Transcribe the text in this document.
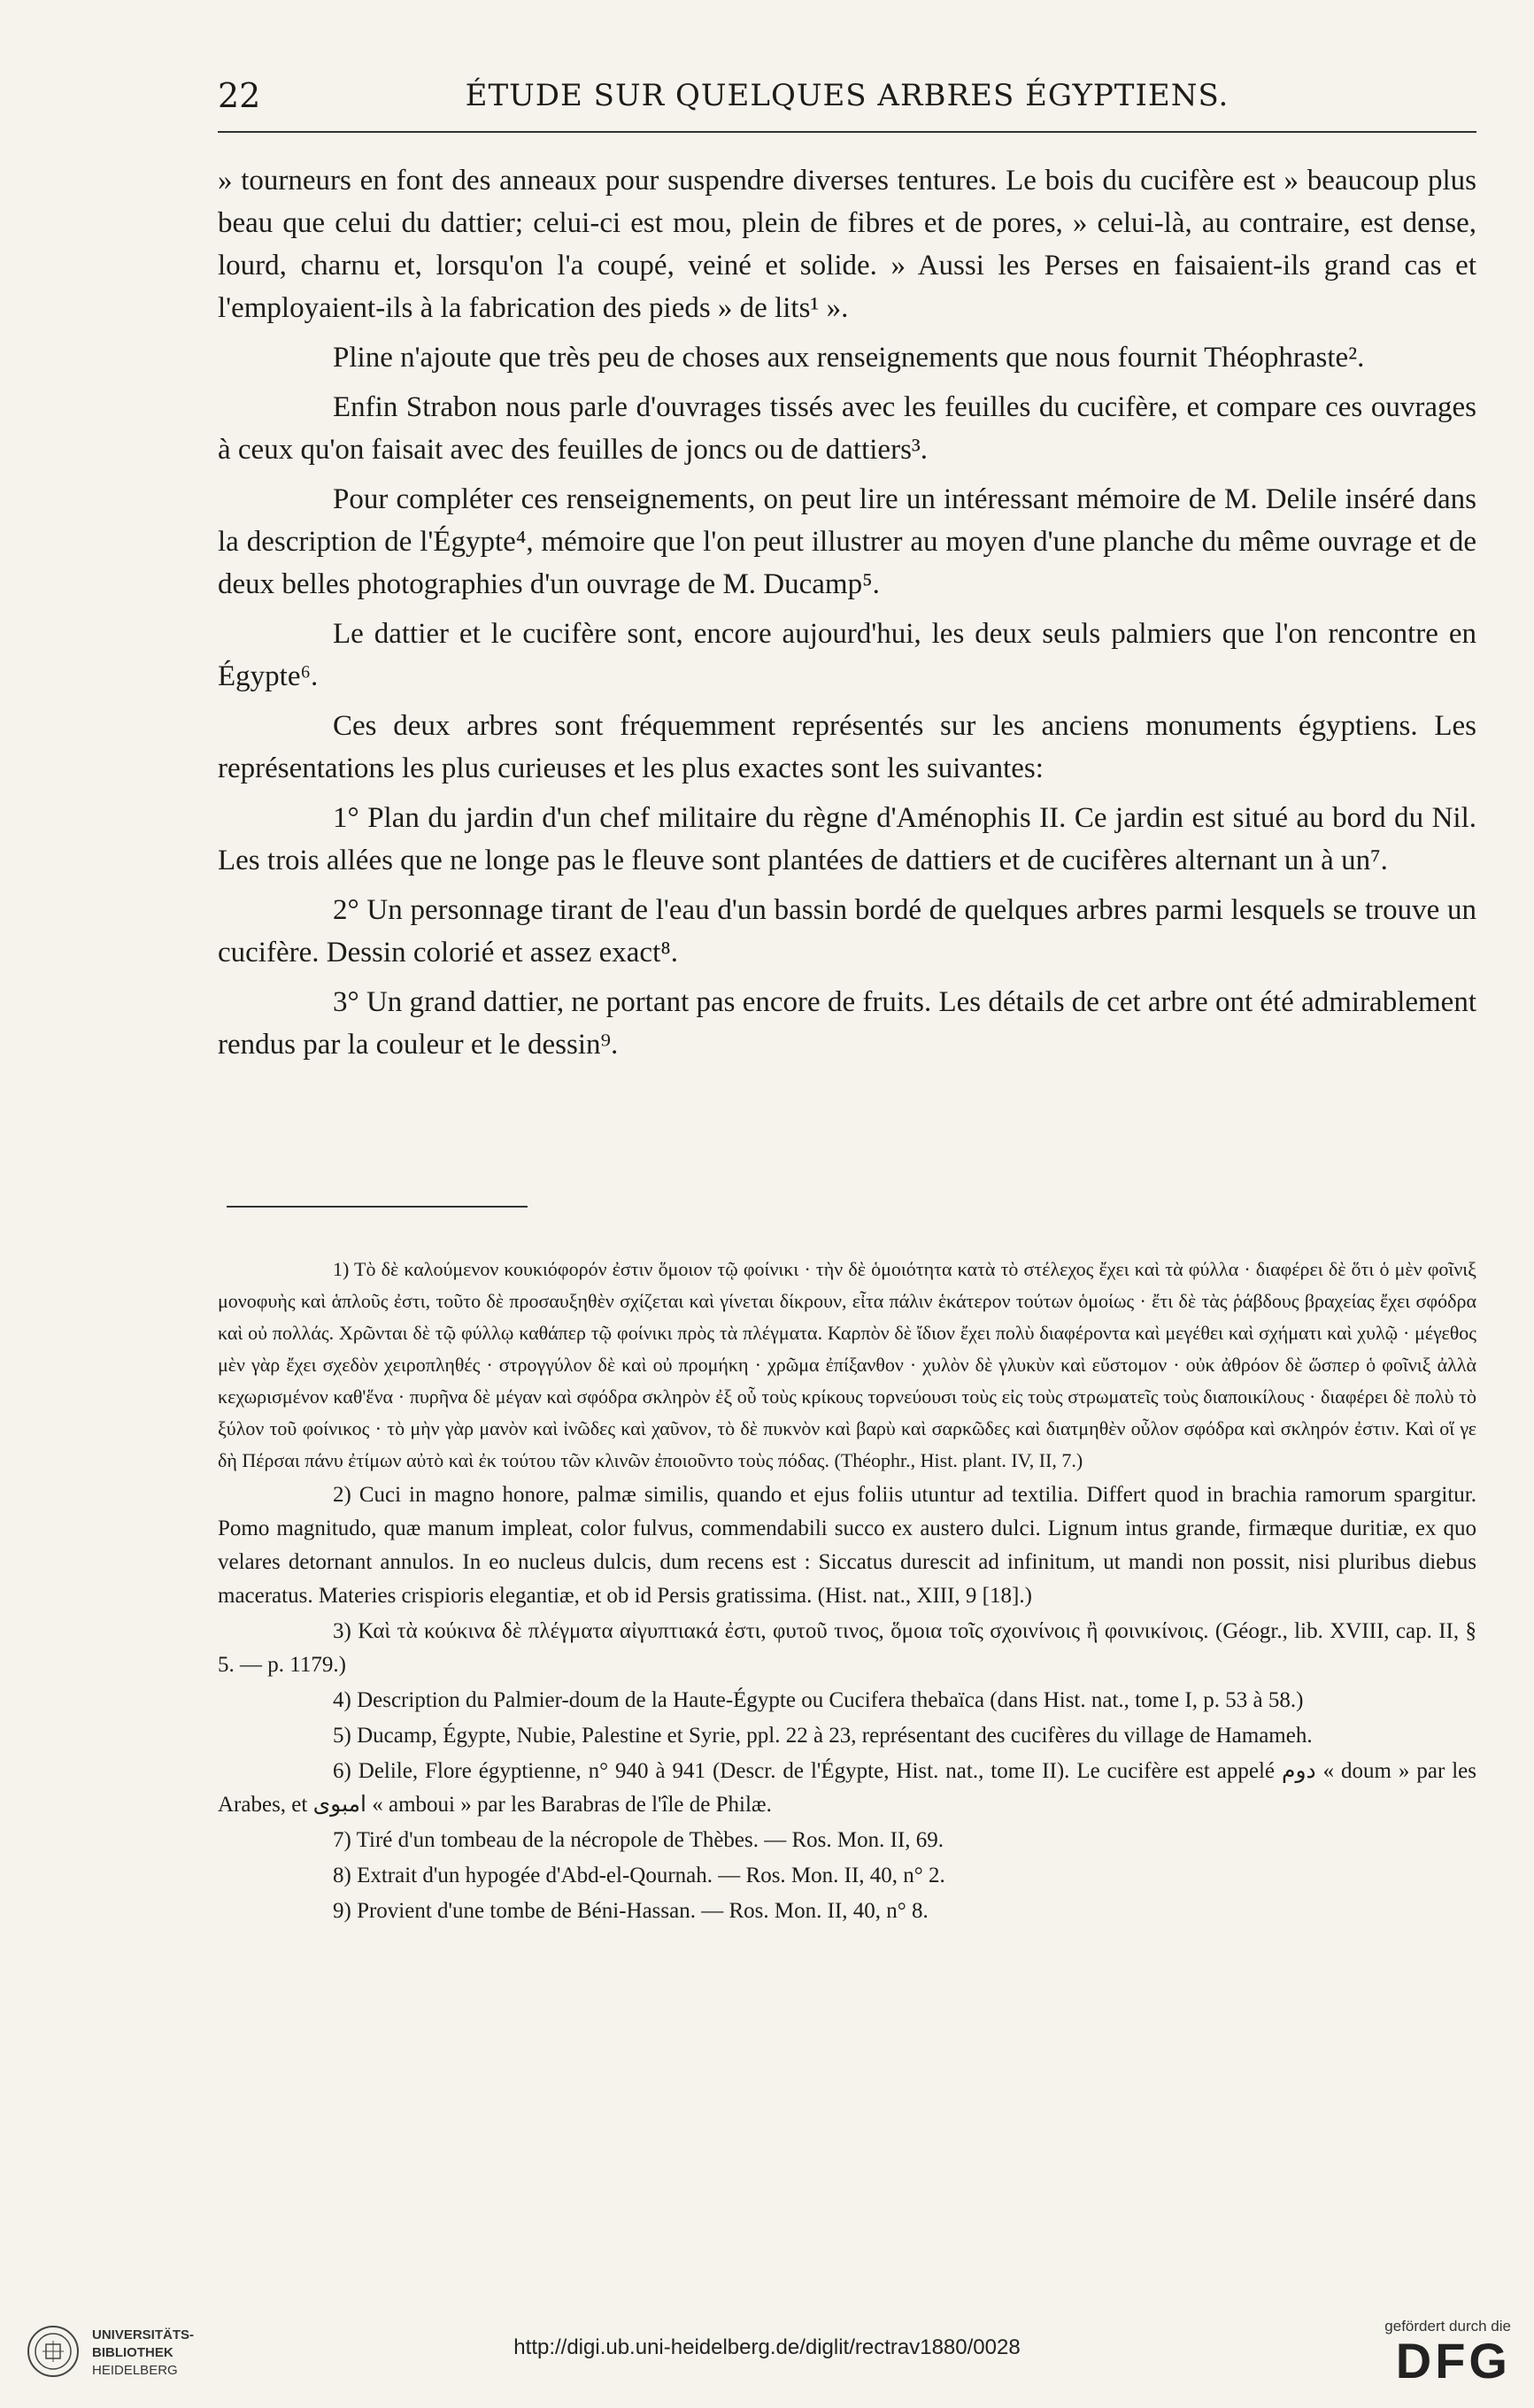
22	ÉTUDE SUR QUELQUES ARBRES ÉGYPTIENS.

» tourneurs en font des anneaux pour suspendre diverses tentures. Le bois du cucifère est » beaucoup plus beau que celui du dattier; celui-ci est mou, plein de fibres et de pores, » celui-là, au contraire, est dense, lourd, charnu et, lorsqu'on l'a coupé, veiné et solide. » Aussi les Perses en faisaient-ils grand cas et l'employaient-ils à la fabrication des pieds » de lits¹ ».

Pline n'ajoute que très peu de choses aux renseignements que nous fournit Théophraste².

Enfin Strabon nous parle d'ouvrages tissés avec les feuilles du cucifère, et compare ces ouvrages à ceux qu'on faisait avec des feuilles de joncs ou de dattiers³.

Pour compléter ces renseignements, on peut lire un intéressant mémoire de M. Delile inséré dans la description de l'Égypte⁴, mémoire que l'on peut illustrer au moyen d'une planche du même ouvrage et de deux belles photographies d'un ouvrage de M. Ducamp⁵.

Le dattier et le cucifère sont, encore aujourd'hui, les deux seuls palmiers que l'on rencontre en Égypte⁶.

Ces deux arbres sont fréquemment représentés sur les anciens monuments égyptiens. Les représentations les plus curieuses et les plus exactes sont les suivantes:

1° Plan du jardin d'un chef militaire du règne d'Aménophis II. Ce jardin est situé au bord du Nil. Les trois allées que ne longe pas le fleuve sont plantées de dattiers et de cucifères alternant un à un⁷.

2° Un personnage tirant de l'eau d'un bassin bordé de quelques arbres parmi lesquels se trouve un cucifère. Dessin colorié et assez exact⁸.

3° Un grand dattier, ne portant pas encore de fruits. Les détails de cet arbre ont été admirablement rendus par la couleur et le dessin⁹.

1) Τὸ δὲ καλούμενον κουκιόφορόν ἐστιν ὅμοιον τῷ φοίνικι · τὴν δὲ ὁμοιότητα κατὰ τὸ στέλεχος ἔχει καὶ τὰ φύλλα · διαφέρει δὲ ὅτι ὁ μὲν φοῖνιξ μονοφυὴς καὶ ἁπλοῦς ἐστι, τοῦτο δὲ προσαυξηθὲν σχίζεται καὶ γίνεται δίκρουν, εἶτα πάλιν ἑκάτερον τούτων ὁμοίως · ἔτι δὲ τὰς ῥάβδους βραχείας ἔχει σφόδρα καὶ οὐ πολλάς. Χρῶνται δὲ τῷ φύλλῳ καθάπερ τῷ φοίνικι πρὸς τὰ πλέγματα. Καρπὸν δὲ ἴδιον ἔχει πολὺ διαφέροντα καὶ μεγέθει καὶ σχήματι καὶ χυλῷ · μέγεθος μὲν γὰρ ἔχει σχεδὸν χειροπληθές · στρογγύλον δὲ καὶ οὐ προμήκη · χρῶμα ἐπίξανθον · χυλὸν δὲ γλυκὺν καὶ εὔστομον · οὐκ ἀθρόον δὲ ὥσπερ ὁ φοῖνιξ ἀλλὰ κεχωρισμένον καθ'ἕνα · πυρῆνα δὲ μέγαν καὶ σφόδρα σκληρὸν ἐξ οὗ τοὺς κρίκους τορνεύουσι τοὺς εἰς τοὺς στρωματεῖς τοὺς διαποικίλους · διαφέρει δὲ πολὺ τὸ ξύλον τοῦ φοίνικος · τὸ μὴν γὰρ μανὸν καὶ ἰνῶδες καὶ χαῦνον, τὸ δὲ πυκνὸν καὶ βαρὺ καὶ σαρκῶδες καὶ διατμηθὲν οὖλον σφόδρα καὶ σκληρόν ἐστιν. Καὶ οἵ γε δὴ Πέρσαι πάνυ ἐτίμων αὐτὸ καὶ ἐκ τούτου τῶν κλινῶν ἐποιοῦντο τοὺς πόδας. (Théophr., Hist. plant. IV, II, 7.)

2) Cuci in magno honore, palmæ similis, quando et ejus foliis utuntur ad textilia. Differt quod in brachia ramorum spargitur. Pomo magnitudo, quæ manum impleat, color fulvus, commendabili succo ex austero dulci. Lignum intus grande, firmæque duritiæ, ex quo velares detornant annulos. In eo nucleus dulcis, dum recens est : Siccatus durescit ad infinitum, ut mandi non possit, nisi pluribus diebus maceratus. Materies crispioris elegantiæ, et ob id Persis gratissima. (Hist. nat., XIII, 9 [18].)

3) Καὶ τὰ κούκινα δὲ πλέγματα αἰγυπτιακά ἐστι, φυτοῦ τινος, ὅμοια τοῖς σχοινίνοις ἢ φοινικίνοις. (Géogr., lib. XVIII, cap. II, § 5. — p. 1179.)

4) Description du Palmier-doum de la Haute-Égypte ou Cucifera thebaïca (dans Hist. nat., tome I, p. 53 à 58.)

5) Ducamp, Égypte, Nubie, Palestine et Syrie, ppl. 22 à 23, représentant des cucifères du village de Hamameh.

6) Delile, Flore égyptienne, n° 940 à 941 (Descr. de l'Égypte, Hist. nat., tome II). Le cucifère est appelé دوم « doum » par les Arabes, et امبوى « amboui » par les Barabras de l'île de Philæ.

7) Tiré d'un tombeau de la nécropole de Thèbes. — Ros. Mon. II, 69.

8) Extrait d'un hypogée d'Abd-el-Qournah. — Ros. Mon. II, 40, n° 2.

9) Provient d'une tombe de Béni-Hassan. — Ros. Mon. II, 40, n° 8.

UNIVERSITÄTS-
BIBLIOTHEK
HEIDELBERG
http://digi.ub.uni-heidelberg.de/diglit/rectrav1880/0028
gefördert durch die
DFG
